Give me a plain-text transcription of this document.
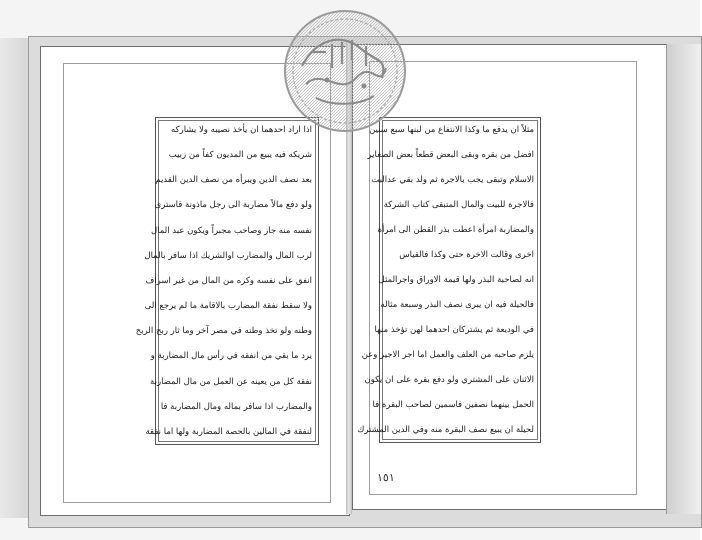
اذا اراد احدهما ان يأخذ نصيبه ولا يشاركه
شريكه فيه يبيع من المديون كفاً من زبيب
بعد نصف الدين ويبرأه من نصف الدين القديم
ولو دفع مالاً مضاربة الى رجل ماذونة قاسترى
نفسه منه جاز وصاحب مجبراً ويكون عبد المال
لرب المال والمضارب اوالشريك اذا سافر بالمال
انفق على نفسه وكره من المال من غير اسراف
ولا سقط نفقة المضارب بالاقامة ما لم يرجع الى
وطنه ولو تخذ وطنه في مصر آخر وما ثار ربح الربح
يرد ما بقي من انفقه في رأس مال المضاربة و
نفقة كل من يعينه عن العمل من مال المضاربة
والمضارب اذا سافر بماله ومال المضاربة فا
لنفقة في المالين بالحصة المضاربة ولها اما نفقة
مثلاً ان يدفع ما وكذا الانتفاع من لبنها سبع سنين
افضل من بقره وبقى البعض قطعاً بعض الصغاير
الاسلام وتبقى يجب بالاجرة ثم ولد بقي عدالبت
فالاجرة للبيت والمال المتبقى كتاب الشركة
والمضاربة امرأة اعطت بذر القطن الى امرأة
اخرى وقالت الاخرة حتى وكذا فالقياس
انه لصاحبة البذر ولها قيمة الاوراق واجرالمثل
فالحيلة فيه ان يبرى نصف البذر وسبعة مثاله
في الوديعة ثم يشتركان احدهما لهن تؤخذ منها
يلزم صاحبه من العلف والعمل اما اجر الاجير وعن
الاثنان على المشتري ولو دفع بقرة على ان يكون
الحمل بينهما نصفين فاسمين لصاحب البقرة فا
لحيلة ان يبيع نصف البقرة منه وفي الدين المشترك
١٥١
